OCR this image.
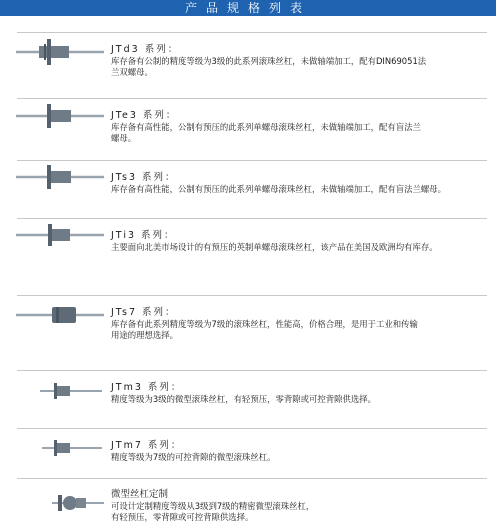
产品规格列表
JTd3 系列：
库存备有公制的精度等级为3级的此系列滚珠丝杠，未做轴端加工，配有DIN69051法
兰双螺母。
JTe3 系列：
库存备有高性能，公制有预压的此系列单螺母滚珠丝杠，未做轴端加工，配有盲法兰
螺母。
JTs3 系列：
库存备有高性能，公制有预压的此系列单螺母滚珠丝杠，未做轴端加工，配有盲法兰螺母。
JTi3 系列：
主要面向北美市场设计的有预压的英制单螺母滚珠丝杠，该产品在美国及欧洲均有库存。
JTs7 系列：
库存备有此系列精度等级为7级的滚珠丝杠，性能高，价格合理，是用于工业和传输
用途的理想选择。
JTm3 系列：
精度等级为3级的微型滚珠丝杠，有轻预压，零背隙或可控背隙供选择。
JTm7 系列：
精度等级为7级的可控背隙的微型滚珠丝杠。
微型丝杠定制
可设计定制精度等级从3级到7级的精密微型滚珠丝杠，
有轻预压，零背隙或可控背隙供选择。
